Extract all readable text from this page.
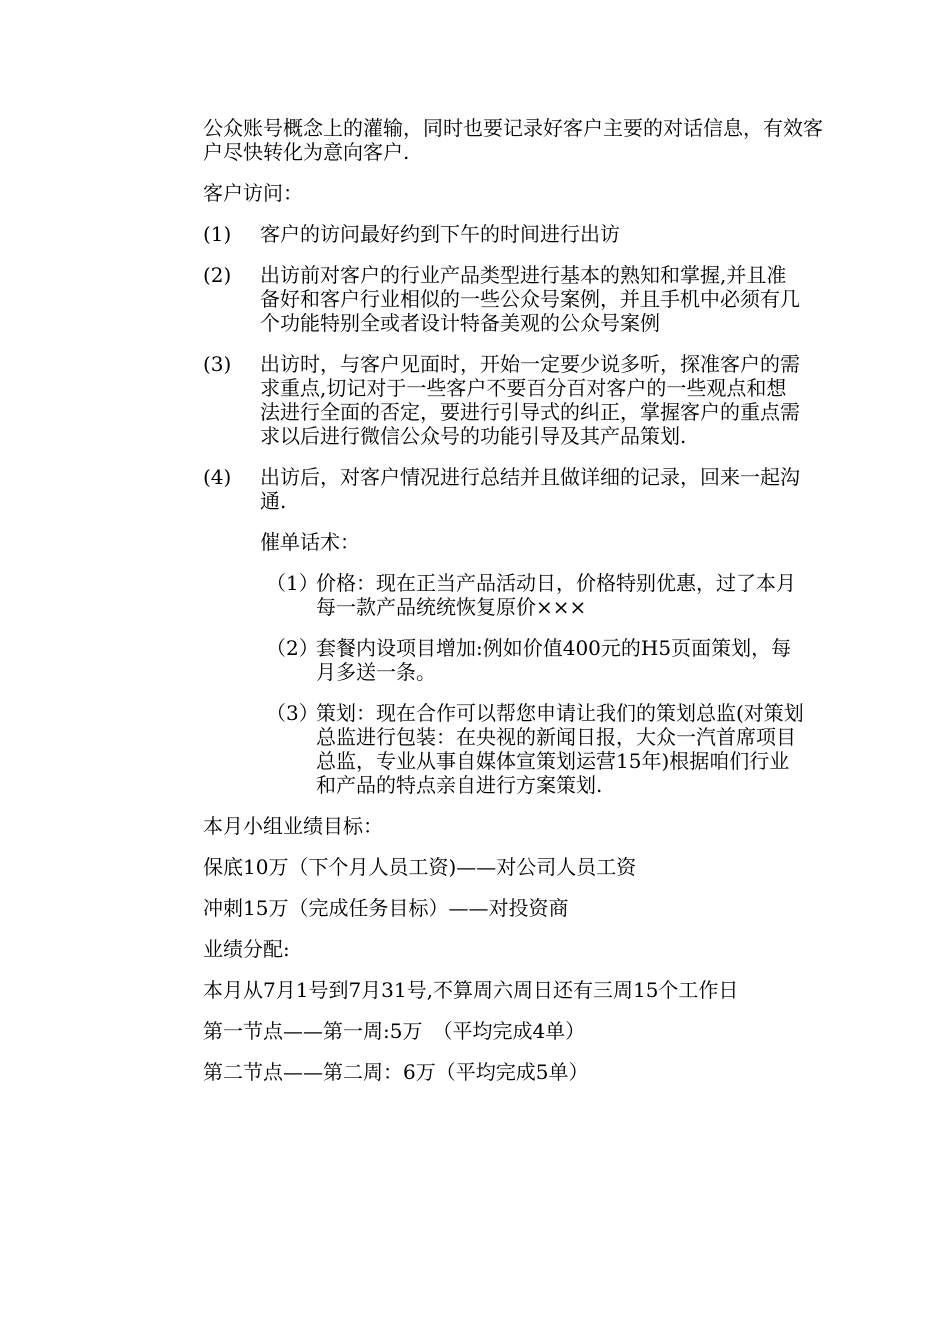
公众账号概念上的灌输，同时也要记录好客户主要的对话信息，有效客户尽快转化为意向客户.

客户访问：

(1)	客户的访问最好约到下午的时间进行出访

(2)	出访前对客户的行业产品类型进行基本的熟知和掌握,并且准备好和客户行业相似的一些公众号案例，并且手机中必须有几个功能特别全或者设计特备美观的公众号案例

(3)	出访时，与客户见面时，开始一定要少说多听，探准客户的需求重点,切记对于一些客户不要百分百对客户的一些观点和想法进行全面的否定，要进行引导式的纠正，掌握客户的重点需求以后进行微信公众号的功能引导及其产品策划.

(4)	出访后，对客户情况进行总结并且做详细的记录，回来一起沟通.

催单话术：

（1）

价格：现在正当产品活动日，价格特别优惠，过了本月每一款产品统统恢复原价×××

（2）

套餐内设项目增加:例如价值400元的H5页面策划，每月多送一条。

（3）

策划：现在合作可以帮您申请让我们的策划总监(对策划总监进行包装：在央视的新闻日报，大众一汽首席项目总监，专业从事自媒体宣策划运营15年)根据咱们行业和产品的特点亲自进行方案策划.

本月小组业绩目标：

保底10万（下个月人员工资)——对公司人员工资

冲刺15万（完成任务目标）——对投资商

业绩分配:

本月从7月1号到7月31号,不算周六周日还有三周15个工作日

第一节点——第一周:5万　（平均完成4单）

第二节点——第二周：6万（平均完成5单）
